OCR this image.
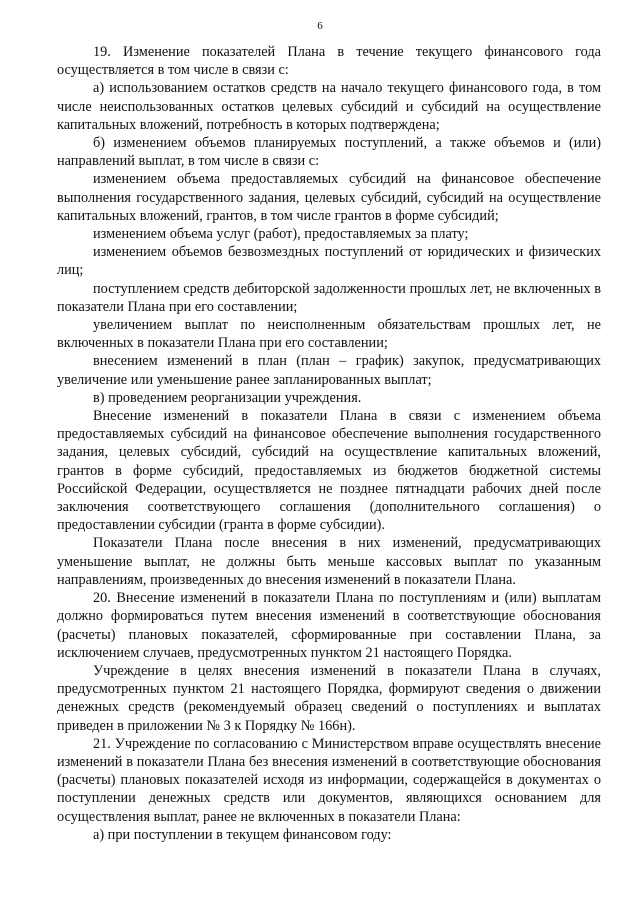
6

19. Изменение показателей Плана в течение текущего финансового года осуществляется в том числе в связи с:

а) использованием остатков средств на начало текущего финансового года, в том числе неиспользованных остатков целевых субсидий и субсидий на осуществление капитальных вложений, потребность в которых подтверждена;

б) изменением объемов планируемых поступлений, а также объемов и (или) направлений выплат, в том числе в связи с:

изменением объема предоставляемых субсидий на финансовое обеспечение выполнения государственного задания, целевых субсидий, субсидий на осуществление капитальных вложений, грантов, в том числе грантов в форме субсидий;

изменением объема услуг (работ), предоставляемых за плату;

изменением объемов безвозмездных поступлений от юридических и физических лиц;

поступлением средств дебиторской задолженности прошлых лет, не включенных в показатели Плана при его составлении;

увеличением выплат по неисполненным обязательствам прошлых лет, не включенных в показатели Плана при его составлении;

внесением изменений в план (план – график) закупок, предусматривающих увеличение или уменьшение ранее запланированных выплат;

в) проведением реорганизации учреждения.

Внесение изменений в показатели Плана в связи с изменением объема предоставляемых субсидий на финансовое обеспечение выполнения государственного задания, целевых субсидий, субсидий на осуществление капитальных вложений, грантов в форме субсидий, предоставляемых из бюджетов бюджетной системы Российской Федерации, осуществляется не позднее пятнадцати рабочих дней после заключения соответствующего соглашения (дополнительного соглашения) о предоставлении субсидии (гранта в форме субсидии).

Показатели Плана после внесения в них изменений, предусматривающих уменьшение выплат, не должны быть меньше кассовых выплат по указанным направлениям, произведенных до внесения изменений в показатели Плана.

20. Внесение изменений в показатели Плана по поступлениям и (или) выплатам должно формироваться путем внесения изменений в соответствующие обоснования (расчеты) плановых показателей, сформированные при составлении Плана, за исключением случаев, предусмотренных пунктом 21 настоящего Порядка.

Учреждение в целях внесения изменений в показатели Плана в случаях, предусмотренных пунктом 21 настоящего Порядка, формируют сведения о движении денежных средств (рекомендуемый образец сведений о поступлениях и выплатах приведен в приложении № 3 к Порядку № 166н).

21. Учреждение по согласованию с Министерством вправе осуществлять внесение изменений в показатели Плана без внесения изменений в соответствующие обоснования (расчеты) плановых показателей исходя из информации, содержащейся в документах о поступлении денежных средств или документов, являющихся основанием для осуществления выплат, ранее не включенных в показатели Плана:

а) при поступлении в текущем финансовом году:
